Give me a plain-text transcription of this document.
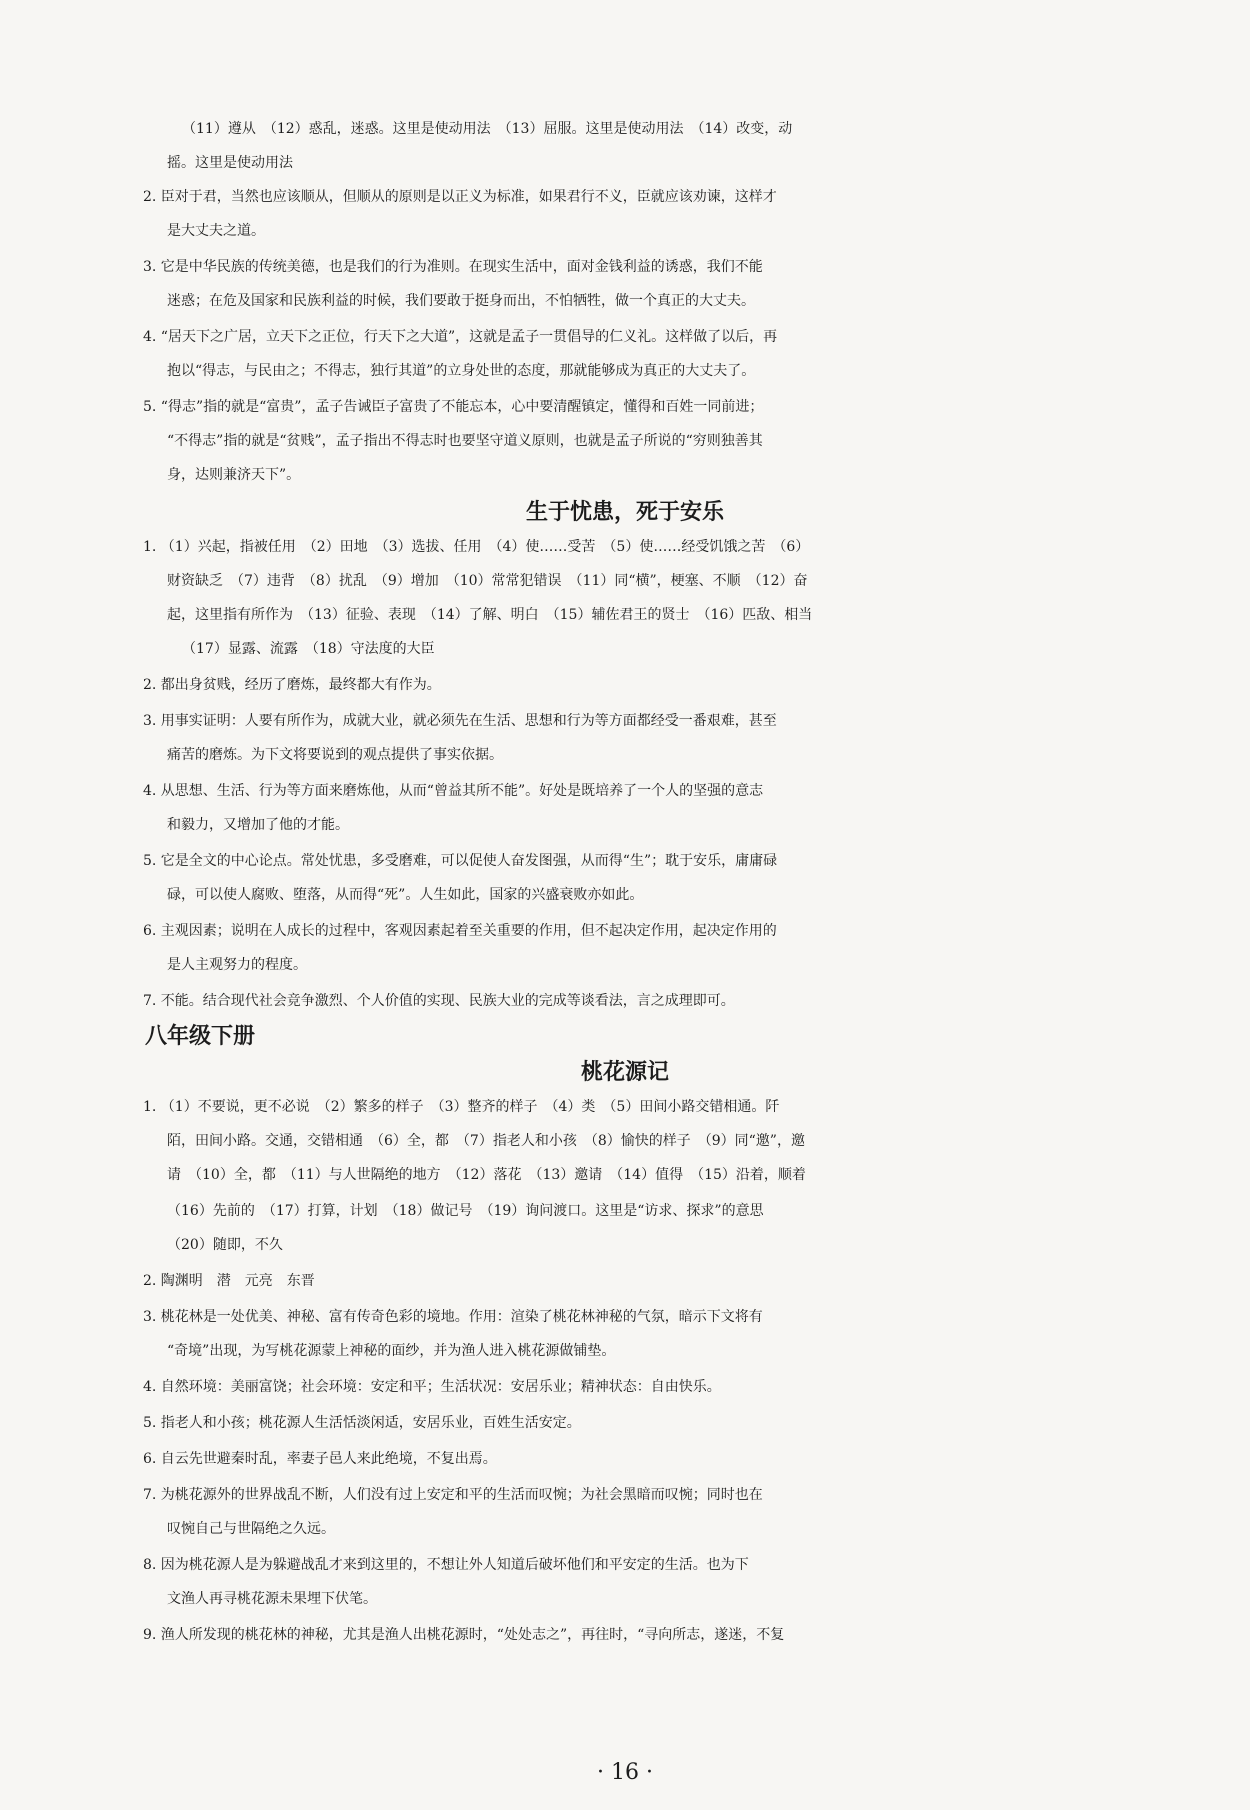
（11）遵从　（12）惑乱，迷惑。这里是使动用法　（13）屈服。这里是使动用法　（14）改变，动
摇。这里是使动用法
2. 臣对于君，当然也应该顺从，但顺从的原则是以正义为标准，如果君行不义，臣就应该劝谏，这样才
是大丈夫之道。
3. 它是中华民族的传统美德，也是我们的行为准则。在现实生活中，面对金钱利益的诱惑，我们不能
迷惑；在危及国家和民族利益的时候，我们要敢于挺身而出，不怕牺牲，做一个真正的大丈夫。
4. “居天下之广居，立天下之正位，行天下之大道”，这就是孟子一贯倡导的仁义礼。这样做了以后，再
抱以“得志，与民由之；不得志，独行其道”的立身处世的态度，那就能够成为真正的大丈夫了。
5. “得志”指的就是“富贵”，孟子告诫臣子富贵了不能忘本，心中要清醒镇定，懂得和百姓一同前进；
“不得志”指的就是“贫贱”，孟子指出不得志时也要坚守道义原则，也就是孟子所说的“穷则独善其
身，达则兼济天下”。
生于忧患，死于安乐
1. （1）兴起，指被任用　（2）田地　（3）选拔、任用　（4）使……受苦　（5）使……经受饥饿之苦　（6）
财资缺乏　（7）违背　（8）扰乱　（9）增加　（10）常常犯错误　（11）同“横”，梗塞、不顺　（12）奋
起，这里指有所作为　（13）征验、表现　（14）了解、明白　（15）辅佐君王的贤士　（16）匹敌、相当
（17）显露、流露　（18）守法度的大臣
2. 都出身贫贱，经历了磨炼，最终都大有作为。
3. 用事实证明：人要有所作为，成就大业，就必须先在生活、思想和行为等方面都经受一番艰难，甚至
痛苦的磨炼。为下文将要说到的观点提供了事实依据。
4. 从思想、生活、行为等方面来磨炼他，从而“曾益其所不能”。好处是既培养了一个人的坚强的意志
和毅力，又增加了他的才能。
5. 它是全文的中心论点。常处忧患，多受磨难，可以促使人奋发图强，从而得“生”；耽于安乐，庸庸碌
碌，可以使人腐败、堕落，从而得“死”。人生如此，国家的兴盛衰败亦如此。
6. 主观因素；说明在人成长的过程中，客观因素起着至关重要的作用，但不起决定作用，起决定作用的
是人主观努力的程度。
7. 不能。结合现代社会竞争激烈、个人价值的实现、民族大业的完成等谈看法，言之成理即可。
八年级下册
桃花源记
1. （1）不要说，更不必说　（2）繁多的样子　（3）整齐的样子　（4）类　（5）田间小路交错相通。阡
陌，田间小路。交通，交错相通　（6）全，都　（7）指老人和小孩　（8）愉快的样子　（9）同“邀”，邀
请　（10）全，都　（11）与人世隔绝的地方　（12）落花　（13）邀请　（14）值得　（15）沿着，顺着
（16）先前的　（17）打算，计划　（18）做记号　（19）询问渡口。这里是“访求、探求”的意思
（20）随即，不久
2. 陶渊明　潜　元亮　东晋
3. 桃花林是一处优美、神秘、富有传奇色彩的境地。作用：渲染了桃花林神秘的气氛，暗示下文将有
“奇境”出现，为写桃花源蒙上神秘的面纱，并为渔人进入桃花源做铺垫。
4. 自然环境：美丽富饶；社会环境：安定和平；生活状况：安居乐业；精神状态：自由快乐。
5. 指老人和小孩；桃花源人生活恬淡闲适，安居乐业，百姓生活安定。
6. 自云先世避秦时乱，率妻子邑人来此绝境，不复出焉。
7. 为桃花源外的世界战乱不断，人们没有过上安定和平的生活而叹惋；为社会黑暗而叹惋；同时也在
叹惋自己与世隔绝之久远。
8. 因为桃花源人是为躲避战乱才来到这里的，不想让外人知道后破坏他们和平安定的生活。也为下
文渔人再寻桃花源未果埋下伏笔。
9. 渔人所发现的桃花林的神秘，尤其是渔人出桃花源时，“处处志之”，再往时，“寻向所志，遂迷，不复
· 16 ·
